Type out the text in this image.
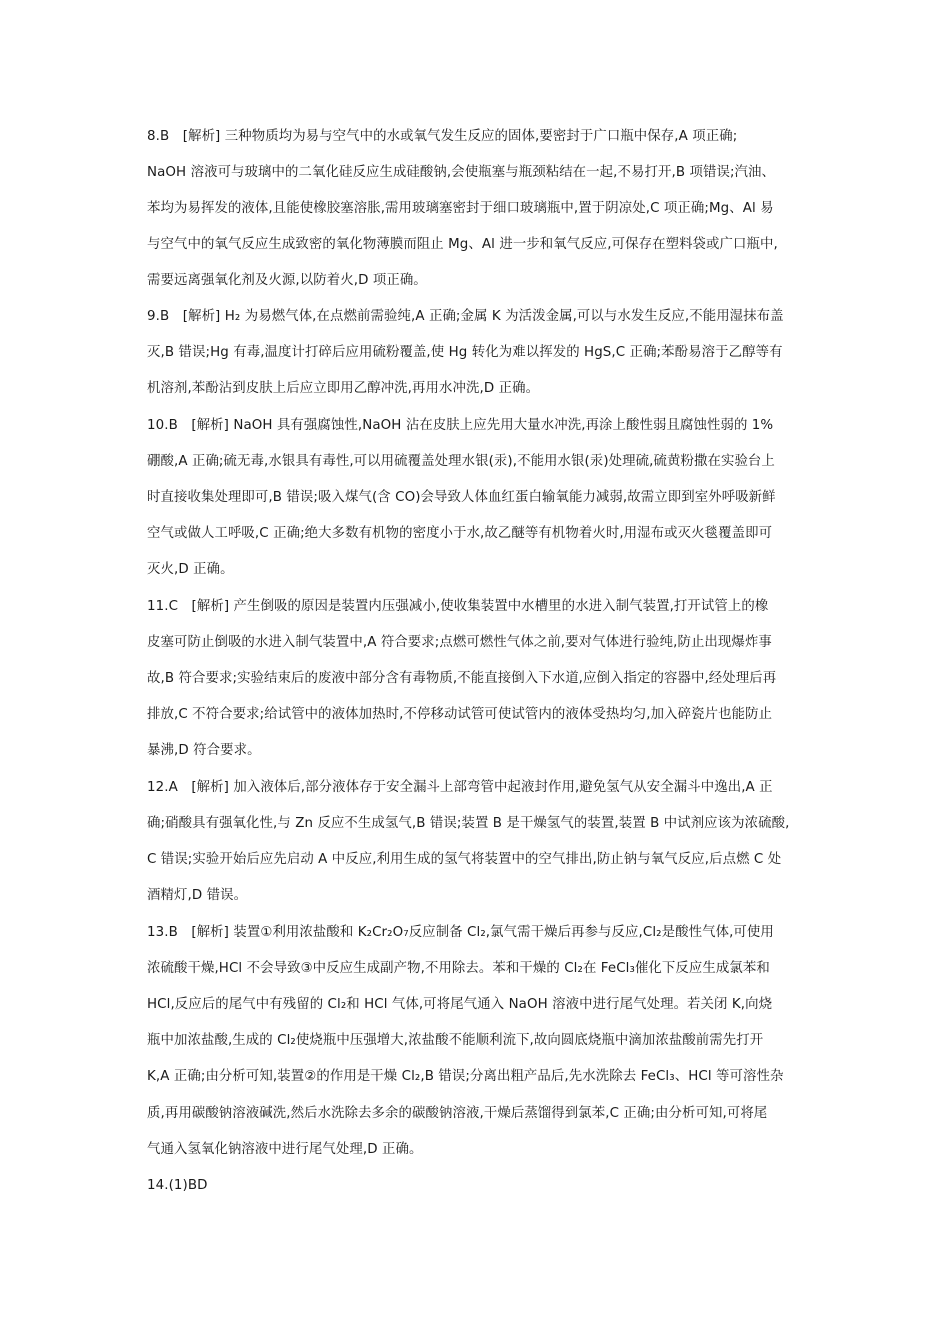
8.B　[解析] 三种物质均为易与空气中的水或氧气发生反应的固体,要密封于广口瓶中保存,A 项正确;
NaOH 溶液可与玻璃中的二氧化硅反应生成硅酸钠,会使瓶塞与瓶颈粘结在一起,不易打开,B 项错误;汽油、
苯均为易挥发的液体,且能使橡胶塞溶胀,需用玻璃塞密封于细口玻璃瓶中,置于阴凉处,C 项正确;Mg、Al 易
与空气中的氧气反应生成致密的氧化物薄膜而阻止 Mg、Al 进一步和氧气反应,可保存在塑料袋或广口瓶中,
需要远离强氧化剂及火源,以防着火,D 项正确。
9.B　[解析] H₂ 为易燃气体,在点燃前需验纯,A 正确;金属 K 为活泼金属,可以与水发生反应,不能用湿抹布盖
灭,B 错误;Hg 有毒,温度计打碎后应用硫粉覆盖,使 Hg 转化为难以挥发的 HgS,C 正确;苯酚易溶于乙醇等有
机溶剂,苯酚沾到皮肤上后应立即用乙醇冲洗,再用水冲洗,D 正确。
10.B　[解析] NaOH 具有强腐蚀性,NaOH 沾在皮肤上应先用大量水冲洗,再涂上酸性弱且腐蚀性弱的 1%
硼酸,A 正确;硫无毒,水银具有毒性,可以用硫覆盖处理水银(汞),不能用水银(汞)处理硫,硫黄粉撒在实验台上
时直接收集处理即可,B 错误;吸入煤气(含 CO)会导致人体血红蛋白输氧能力减弱,故需立即到室外呼吸新鲜
空气或做人工呼吸,C 正确;绝大多数有机物的密度小于水,故乙醚等有机物着火时,用湿布或灭火毯覆盖即可
灭火,D 正确。
11.C　[解析] 产生倒吸的原因是装置内压强减小,使收集装置中水槽里的水进入制气装置,打开试管上的橡
皮塞可防止倒吸的水进入制气装置中,A 符合要求;点燃可燃性气体之前,要对气体进行验纯,防止出现爆炸事
故,B 符合要求;实验结束后的废液中部分含有毒物质,不能直接倒入下水道,应倒入指定的容器中,经处理后再
排放,C 不符合要求;给试管中的液体加热时,不停移动试管可使试管内的液体受热均匀,加入碎瓷片也能防止
暴沸,D 符合要求。
12.A　[解析] 加入液体后,部分液体存于安全漏斗上部弯管中起液封作用,避免氢气从安全漏斗中逸出,A 正
确;硝酸具有强氧化性,与 Zn 反应不生成氢气,B 错误;装置 B 是干燥氢气的装置,装置 B 中试剂应该为浓硫酸,
C 错误;实验开始后应先启动 A 中反应,利用生成的氢气将装置中的空气排出,防止钠与氧气反应,后点燃 C 处
酒精灯,D 错误。
13.B　[解析] 装置①利用浓盐酸和 K₂Cr₂O₇反应制备 Cl₂,氯气需干燥后再参与反应,Cl₂是酸性气体,可使用
浓硫酸干燥,HCl 不会导致③中反应生成副产物,不用除去。苯和干燥的 Cl₂在 FeCl₃催化下反应生成氯苯和
HCl,反应后的尾气中有残留的 Cl₂和 HCl 气体,可将尾气通入 NaOH 溶液中进行尾气处理。若关闭 K,向烧
瓶中加浓盐酸,生成的 Cl₂使烧瓶中压强增大,浓盐酸不能顺利流下,故向圆底烧瓶中滴加浓盐酸前需先打开
K,A 正确;由分析可知,装置②的作用是干燥 Cl₂,B 错误;分离出粗产品后,先水洗除去 FeCl₃、HCl 等可溶性杂
质,再用碳酸钠溶液碱洗,然后水洗除去多余的碳酸钠溶液,干燥后蒸馏得到氯苯,C 正确;由分析可知,可将尾
气通入氢氧化钠溶液中进行尾气处理,D 正确。
14.(1)BD
